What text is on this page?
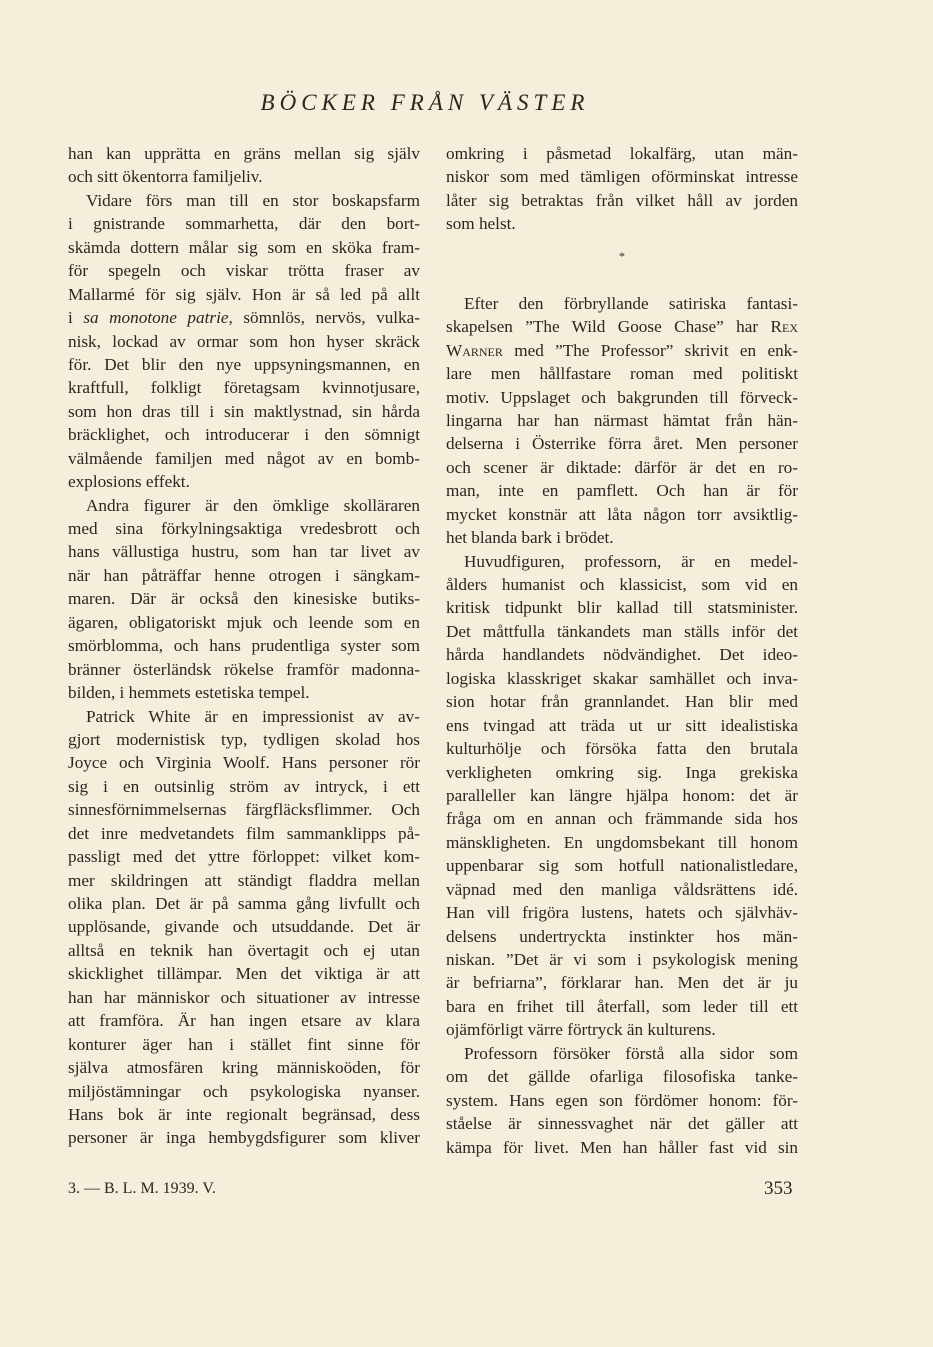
BÖCKER FRÅN VÄSTER
han kan upprätta en gräns mellan sig själv
och sitt ökentorra familjeliv.
Vidare förs man till en stor boskapsfarm
i gnistrande sommarhetta, där den bort-
skämda dottern målar sig som en sköka fram-
för spegeln och viskar trötta fraser av
Mallarmé för sig själv. Hon är så led på allt
i sa monotone patrie, sömnlös, nervös, vulka-
nisk, lockad av ormar som hon hyser skräck
för. Det blir den nye uppsyningsmannen, en
kraftfull, folkligt företagsam kvinnotjusare,
som hon dras till i sin maktlystnad, sin hårda
bräcklighet, och introducerar i den sömnigt
välmående familjen med något av en bomb-
explosions effekt.
Andra figurer är den ömklige skolläraren
med sina förkylningsaktiga vredesbrott och
hans vällustiga hustru, som han tar livet av
när han påträffar henne otrogen i sängkam-
maren. Där är också den kinesiske butiks-
ägaren, obligatoriskt mjuk och leende som en
smörblomma, och hans prudentliga syster som
bränner österländsk rökelse framför madonna-
bilden, i hemmets estetiska tempel.
Patrick White är en impressionist av av-
gjort modernistisk typ, tydligen skolad hos
Joyce och Virginia Woolf. Hans personer rör
sig i en outsinlig ström av intryck, i ett
sinnesförnimmelsernas färgfläcksflimmer. Och
det inre medvetandets film sammanklipps på-
passligt med det yttre förloppet: vilket kom-
mer skildringen att ständigt fladdra mellan
olika plan. Det är på samma gång livfullt och
upplösande, givande och utsuddande. Det är
alltså en teknik han övertagit och ej utan
skicklighet tillämpar. Men det viktiga är att
han har människor och situationer av intresse
att framföra. Är han ingen etsare av klara
konturer äger han i stället fint sinne för
själva atmosfären kring människoöden, för
miljöstämningar och psykologiska nyanser.
Hans bok är inte regionalt begränsad, dess
personer är inga hembygdsfigurer som kliver
omkring i påsmetad lokalfärg, utan män-
niskor som med tämligen oförminskat intresse
låter sig betraktas från vilket håll av jorden
som helst.
*
Efter den förbryllande satiriska fantasi-
skapelsen ”The Wild Goose Chase” har Rex
Warner med ”The Professor” skrivit en enk-
lare men hållfastare roman med politiskt
motiv. Uppslaget och bakgrunden till förveck-
lingarna har han närmast hämtat från hän-
delserna i Österrike förra året. Men personer
och scener är diktade: därför är det en ro-
man, inte en pamflett. Och han är för
mycket konstnär att låta någon torr avsiktlig-
het blanda bark i brödet.
Huvudfiguren, professorn, är en medel-
ålders humanist och klassicist, som vid en
kritisk tidpunkt blir kallad till statsminister.
Det måttfulla tänkandets man ställs inför det
hårda handlandets nödvändighet. Det ideo-
logiska klasskriget skakar samhället och inva-
sion hotar från grannlandet. Han blir med
ens tvingad att träda ut ur sitt idealistiska
kulturhölje och försöka fatta den brutala
verkligheten omkring sig. Inga grekiska
paralleller kan längre hjälpa honom: det är
fråga om en annan och främmande sida hos
mänskligheten. En ungdomsbekant till honom
uppenbarar sig som hotfull nationalistledare,
väpnad med den manliga våldsrättens idé.
Han vill frigöra lustens, hatets och självhäv-
delsens undertryckta instinkter hos män-
niskan. ”Det är vi som i psykologisk mening
är befriarna”, förklarar han. Men det är ju
bara en frihet till återfall, som leder till ett
ojämförligt värre förtryck än kulturens.
Professorn försöker förstå alla sidor som
om det gällde ofarliga filosofiska tanke-
system. Hans egen son fördömer honom: för-
ståelse är sinnessvaghet när det gäller att
kämpa för livet. Men han håller fast vid sin
3. — B. L. M. 1939. V.	353
